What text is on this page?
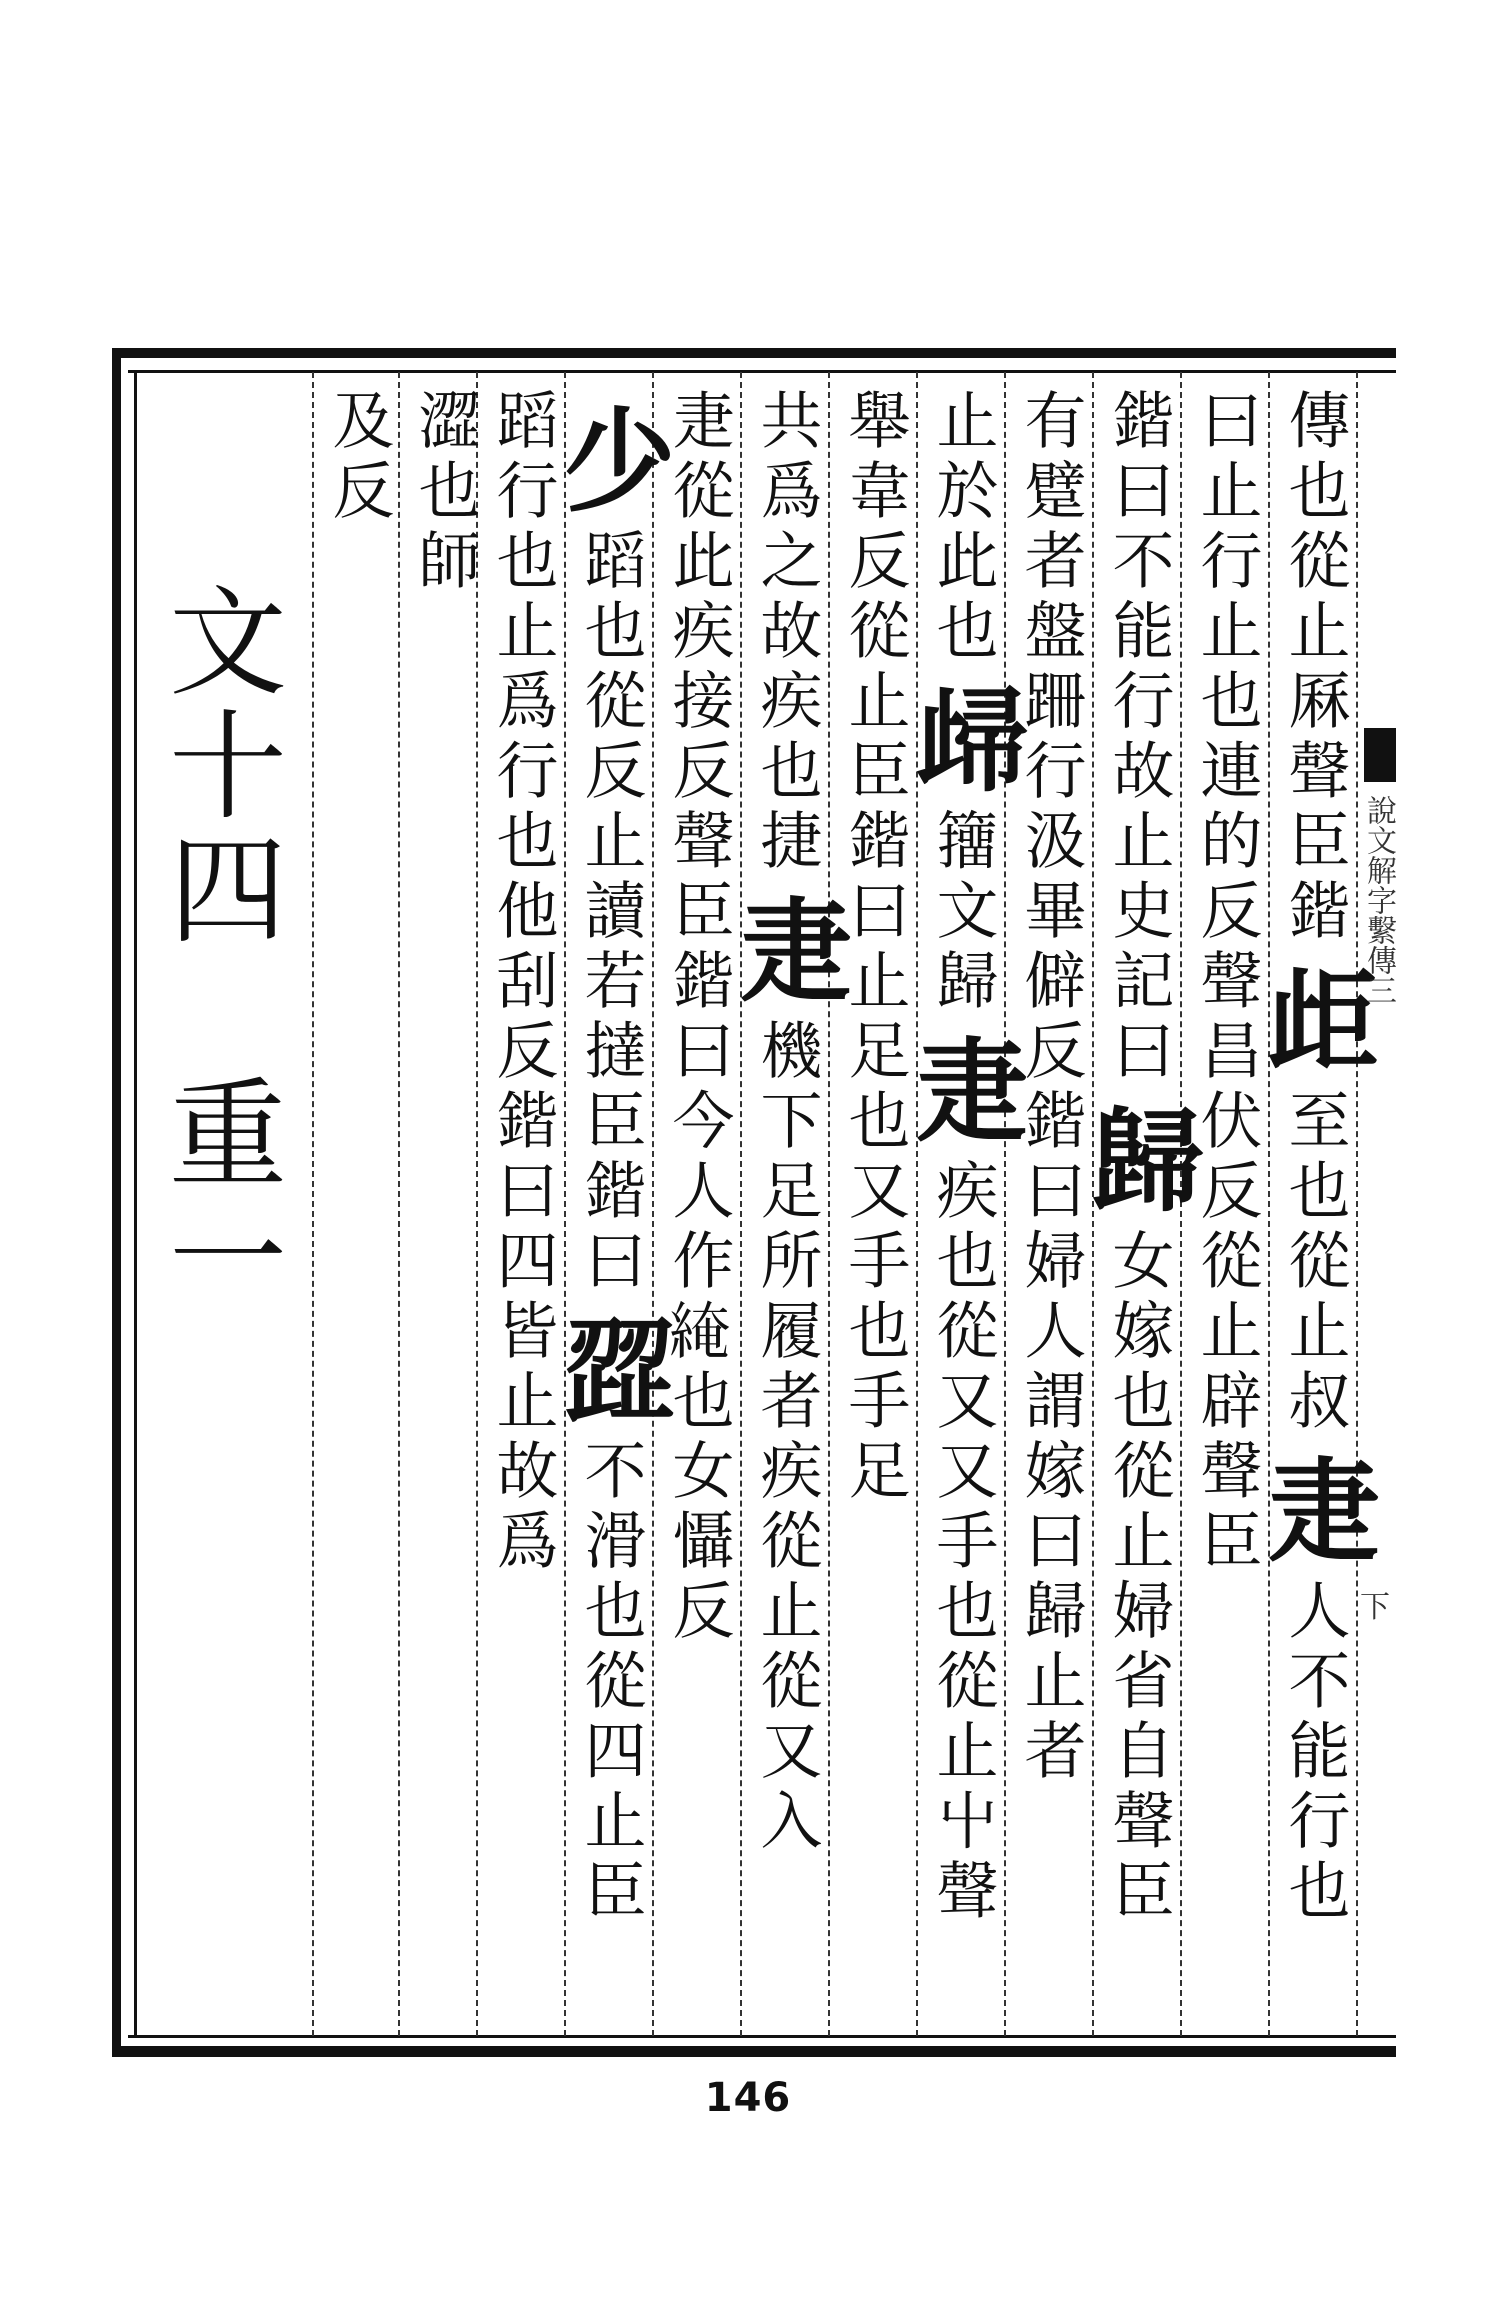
傳也從止厤聲臣鍇歫至也從止叔疌人不能行也
曰止行止也連的反聲昌伏反從止辟聲臣
鍇曰不能行故止史記曰歸女嫁也從止婦省自聲臣
有躄者盤跚行汲畢僻反鍇曰婦人謂嫁曰歸止者
止於此也㱕籒文歸疌疾也從又又手也從止屮聲
舉韋反從止臣鍇曰止足也又手也手足
共爲之故疾也捷疌機下足所履者疾從止從又入
疌從此疾接反聲臣鍇曰今人作𦁏也女懾反
少蹈也從反止讀若撻臣鍇曰歰不滑也從四止臣
蹈行也止爲行也他刮反鍇曰四皆止故爲
澀也師
及反
文十四重一
說文解字繫傳三
下
146
